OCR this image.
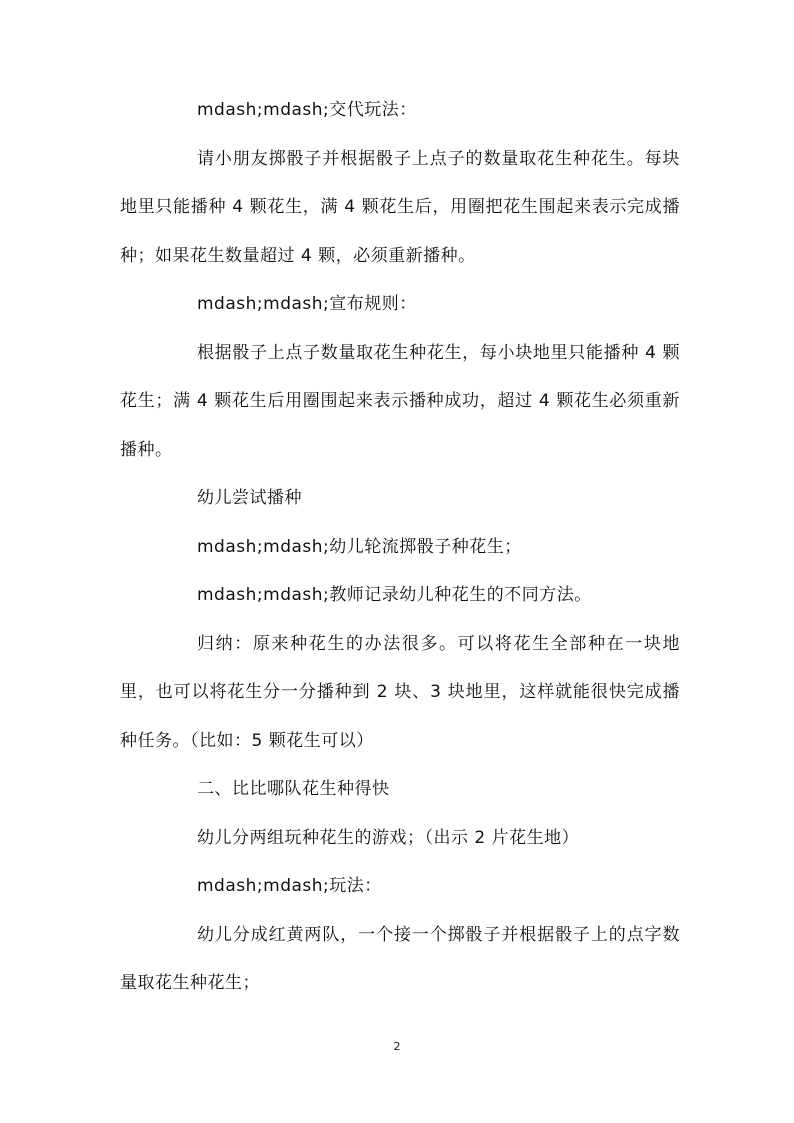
mdash;mdash;交代玩法：

请小朋友掷骰子并根据骰子上点子的数量取花生种花生。每块地里只能播种 4 颗花生，满 4 颗花生后，用圈把花生围起来表示完成播种；如果花生数量超过 4 颗，必须重新播种。

mdash;mdash;宣布规则：

根据骰子上点子数量取花生种花生，每小块地里只能播种 4 颗花生；满 4 颗花生后用圈围起来表示播种成功，超过 4 颗花生必须重新播种。

幼儿尝试播种

mdash;mdash;幼儿轮流掷骰子种花生；

mdash;mdash;教师记录幼儿种花生的不同方法。

归纳：原来种花生的办法很多。可以将花生全部种在一块地里，也可以将花生分一分播种到 2 块、3 块地里，这样就能很快完成播种任务。（比如：5 颗花生可以）

二、比比哪队花生种得快

幼儿分两组玩种花生的游戏；（出示 2 片花生地）

mdash;mdash;玩法：

幼儿分成红黄两队，一个接一个掷骰子并根据骰子上的点字数量取花生种花生；

2
